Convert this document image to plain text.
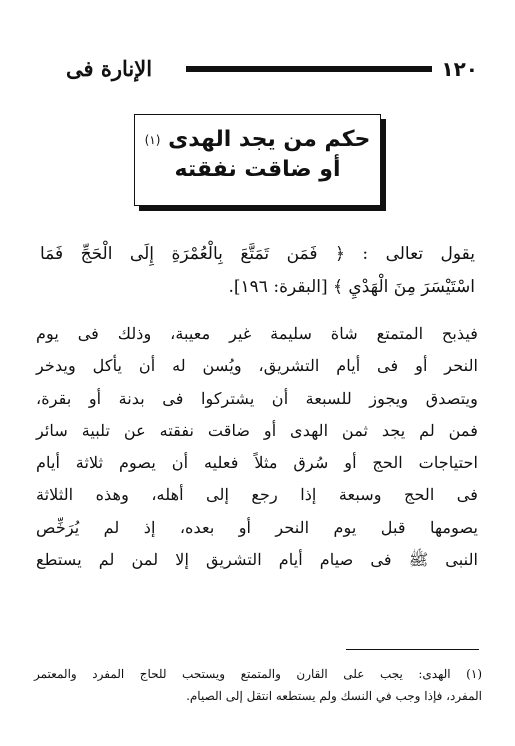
الإنارة فى	١٢٠
حكم من يجد الهدى $^{(١)}$
أو ضاقت نفقته
يقول تعالى : ﴿ فَمَن تَمَتَّعَ بِالْعُمْرَةِ إِلَى الْحَجِّ فَمَا
اسْتَيْسَرَ مِنَ الْهَدْيِ ﴾ [البقرة: ١٩٦].
فيذبح المتمتع شاة سليمة غير معيبة، وذلك فى يوم
النحر أو فى أيام التشريق، ويُسن له أن يأكل ويدخر
ويتصدق ويجوز للسبعة أن يشتركوا فى بدنة أو بقرة،
فمن لم يجد ثمن الهدى أو ضاقت نفقته عن تلبية سائر
احتياجات الحج أو سُرق مثلاً فعليه أن يصوم ثلاثة أيام
فى الحج وسبعة إذا رجع إلى أهله، وهذه الثلاثة
يصومها قبل يوم النحر أو بعده، إذ لم يُرَخِّص
النبى ﷺ فى صيام أيام التشريق إلا لمن لم يستطع
(١) الهدى: يجب على القارن والمتمتع ويستحب للحاج المفرد والمعتمر
المفرد، فإذا وجب في النسك ولم يستطعه انتقل إلى الصيام.
